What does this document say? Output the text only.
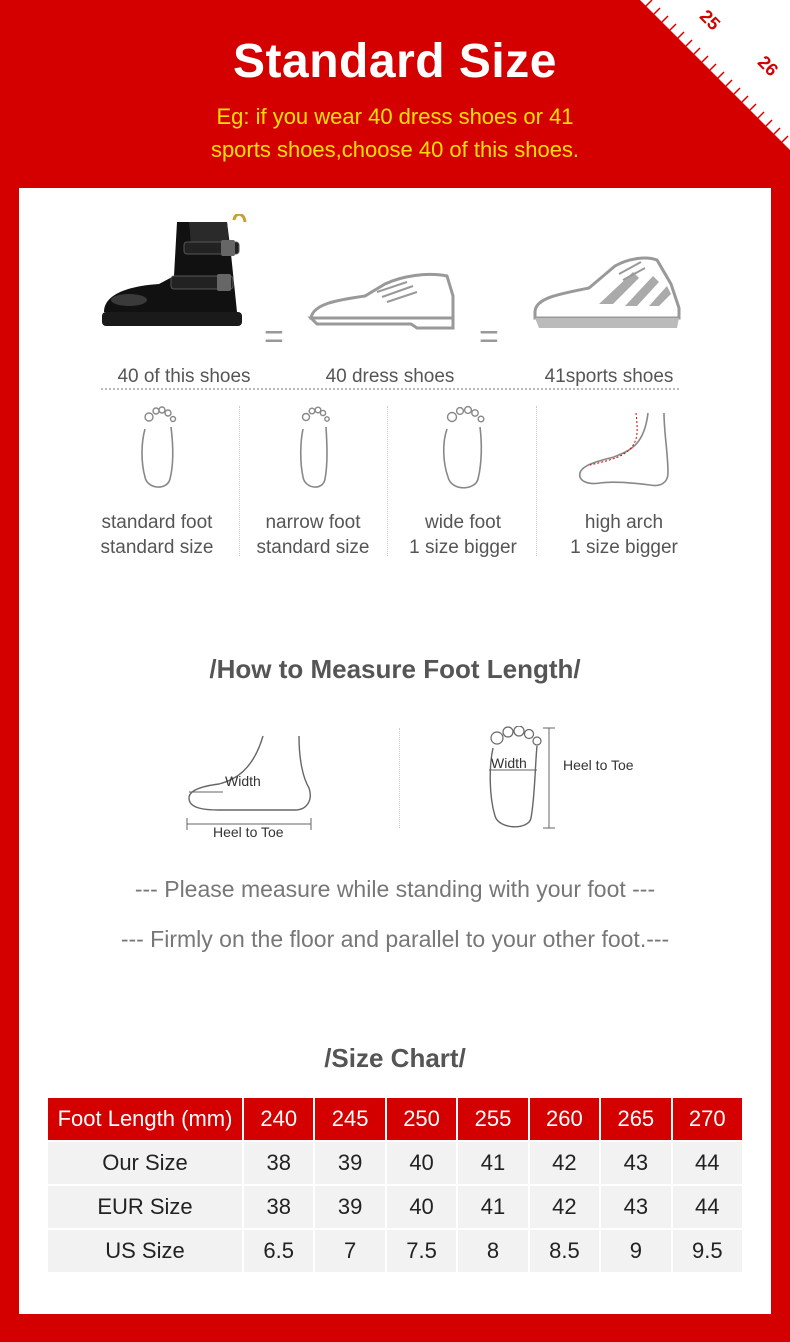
Standard Size
Eg: if you wear 40 dress shoes or 41
sports shoes,choose 40 of this shoes.
25
26
=	=
40 of this shoes	40 dress shoes	41sports shoes
standard foot
standard size
narrow foot
standard size
wide foot
1 size bigger
high arch
1 size bigger
/How to Measure Foot Length/
Width
Heel to Toe
Width	Heel to Toe
--- Please measure while standing with your foot ---
--- Firmly on the floor and parallel to your other foot.---
/Size Chart/
Foot Length (mm)	240	245	250	255	260	265	270
Our Size	38	39	40	41	42	43	44
EUR Size	38	39	40	41	42	43	44
US Size	6.5	7	7.5	8	8.5	9	9.5
